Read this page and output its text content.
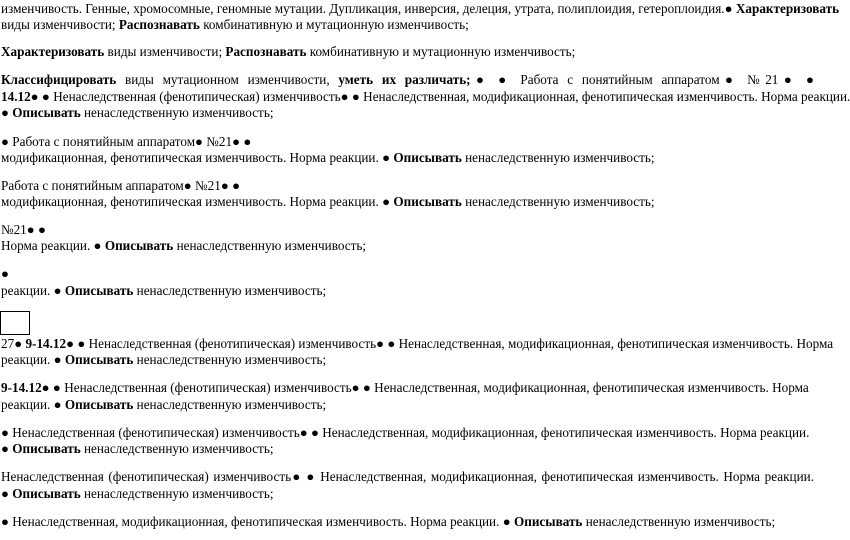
изменчивость. Генные, хромосомные, геномные мутации. Дупликация, инверсия, делеция, утрата, полиплоидия, гетероплоидия.● Характеризовать
виды изменчивости; Распознавать комбинативную и мутационную изменчивость;
Характеризовать виды изменчивости; Распознавать комбинативную и мутационную изменчивость;
Классифицировать виды мутационном изменчивости, уметь их различать;● ● Работа с понятийным аппаратом● №21● ●
14.12● ● Ненаследственная (фенотипическая) изменчивость● ● Ненаследственная, модификационная, фенотипическая изменчивость. Норма реакции.
● Описывать ненаследственную изменчивость;
● Работа с понятийным аппаратом● №21● ●
модификационная, фенотипическая изменчивость. Норма реакции. ● Описывать ненаследственную изменчивость;
Работа с понятийным аппаратом● №21● ●
модификационная, фенотипическая изменчивость. Норма реакции. ● Описывать ненаследственную изменчивость;
№21● ●
Норма реакции. ● Описывать ненаследственную изменчивость;
●
реакции. ● Описывать ненаследственную изменчивость;
27● 9-14.12● ● Ненаследственная (фенотипическая) изменчивость● ● Ненаследственная, модификационная, фенотипическая изменчивость. Норма
реакции. ● Описывать ненаследственную изменчивость;
9-14.12● ● Ненаследственная (фенотипическая) изменчивость● ● Ненаследственная, модификационная, фенотипическая изменчивость. Норма
реакции. ● Описывать ненаследственную изменчивость;
● Ненаследственная (фенотипическая) изменчивость● ● Ненаследственная, модификационная, фенотипическая изменчивость. Норма реакции.
● Описывать ненаследственную изменчивость;
Ненаследственная (фенотипическая) изменчивость● ● Ненаследственная, модификационная, фенотипическая изменчивость. Норма реакции.
● Описывать ненаследственную изменчивость;
● Ненаследственная, модификационная, фенотипическая изменчивость. Норма реакции. ● Описывать ненаследственную изменчивость;
